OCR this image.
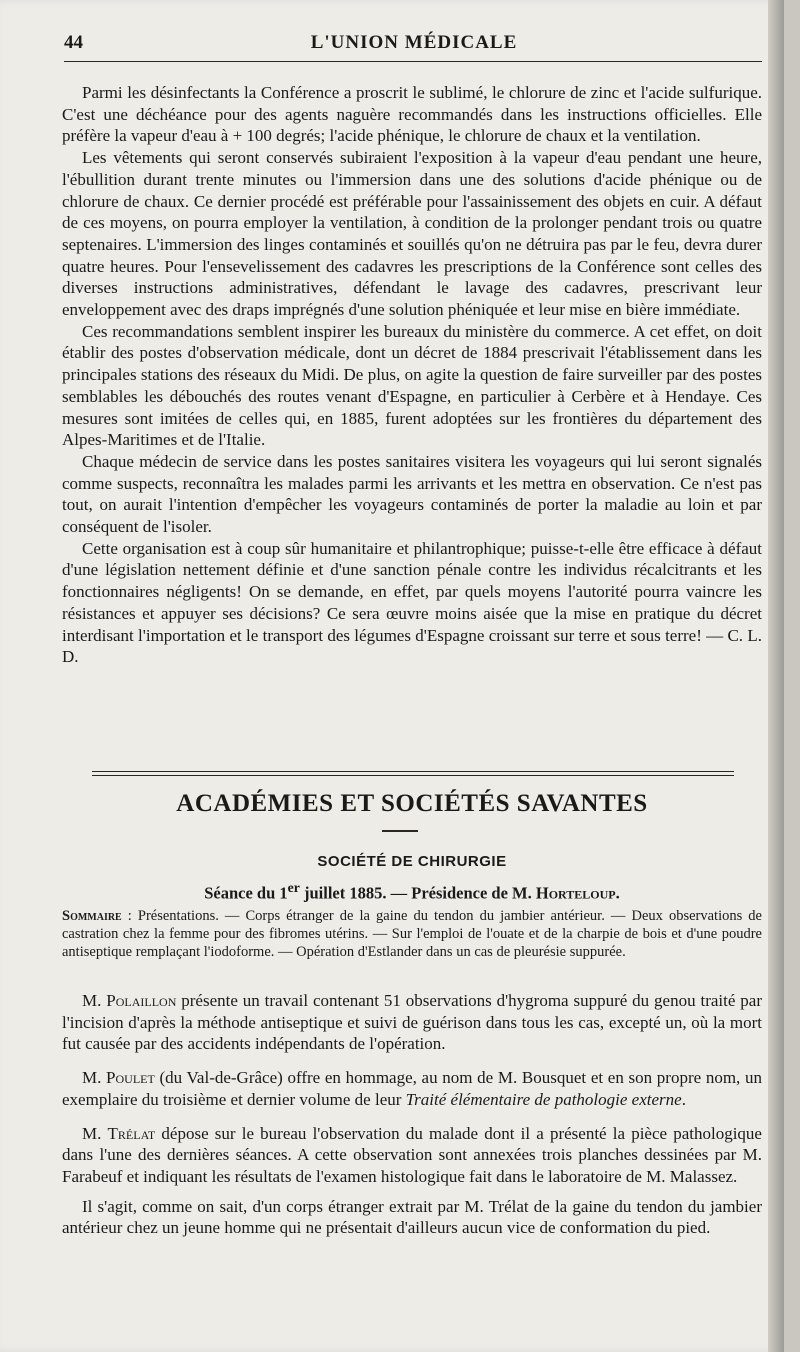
44	L'UNION MÉDICALE

Parmi les désinfectants la Conférence a proscrit le sublimé, le chlorure de zinc et l'acide sulfurique. C'est une déchéance pour des agents naguère recommandés dans les instructions officielles. Elle préfère la vapeur d'eau à + 100 degrés; l'acide phénique, le chlorure de chaux et la ventilation.

Les vêtements qui seront conservés subiraient l'exposition à la vapeur d'eau pendant une heure, l'ébullition durant trente minutes ou l'immersion dans une des solutions d'acide phénique ou de chlorure de chaux. Ce dernier procédé est préférable pour l'assainissement des objets en cuir. A défaut de ces moyens, on pourra employer la ventilation, à condition de la prolonger pendant trois ou quatre septenaires. L'immersion des linges contaminés et souillés qu'on ne détruira pas par le feu, devra durer quatre heures. Pour l'ensevelissement des cadavres les prescriptions de la Conférence sont celles des diverses instructions administratives, défendant le lavage des cadavres, prescrivant leur enveloppement avec des draps imprégnés d'une solution phéniquée et leur mise en bière immédiate.

Ces recommandations semblent inspirer les bureaux du ministère du commerce. A cet effet, on doit établir des postes d'observation médicale, dont un décret de 1884 prescrivait l'établissement dans les principales stations des réseaux du Midi. De plus, on agite la question de faire surveiller par des postes semblables les débouchés des routes venant d'Espagne, en particulier à Cerbère et à Hendaye. Ces mesures sont imitées de celles qui, en 1885, furent adoptées sur les frontières du département des Alpes-Maritimes et de l'Italie.

Chaque médecin de service dans les postes sanitaires visitera les voyageurs qui lui seront signalés comme suspects, reconnaîtra les malades parmi les arrivants et les mettra en observation. Ce n'est pas tout, on aurait l'intention d'empêcher les voyageurs contaminés de porter la maladie au loin et par conséquent de l'isoler.

Cette organisation est à coup sûr humanitaire et philantrophique; puisse-t-elle être efficace à défaut d'une législation nettement définie et d'une sanction pénale contre les individus récalcitrants et les fonctionnaires négligents! On se demande, en effet, par quels moyens l'autorité pourra vaincre les résistances et appuyer ses décisions? Ce sera œuvre moins aisée que la mise en pratique du décret interdisant l'importation et le transport des légumes d'Espagne croissant sur terre et sous terre! — C. L. D.

ACADÉMIES ET SOCIÉTÉS SAVANTES
SOCIÉTÉ DE CHIRURGIE
Séance du 1er juillet 1885. — Présidence de M. Horteloup.
Sommaire : Présentations. — Corps étranger de la gaine du tendon du jambier antérieur. — Deux observations de castration chez la femme pour des fibromes utérins. — Sur l'emploi de l'ouate et de la charpie de bois et d'une poudre antiseptique remplaçant l'iodoforme. — Opération d'Estlander dans un cas de pleurésie suppurée.

M. Polaillon présente un travail contenant 51 observations d'hygroma suppuré du genou traité par l'incision d'après la méthode antiseptique et suivi de guérison dans tous les cas, excepté un, où la mort fut causée par des accidents indépendants de l'opération.

M. Poulet (du Val-de-Grâce) offre en hommage, au nom de M. Bousquet et en son propre nom, un exemplaire du troisième et dernier volume de leur Traité élémentaire de pathologie externe.

M. Trélat dépose sur le bureau l'observation du malade dont il a présenté la pièce pathologique dans l'une des dernières séances. A cette observation sont annexées trois planches dessinées par M. Farabeuf et indiquant les résultats de l'examen histologique fait dans le laboratoire de M. Malassez.

Il s'agit, comme on sait, d'un corps étranger extrait par M. Trélat de la gaine du tendon du jambier antérieur chez un jeune homme qui ne présentait d'ailleurs aucun vice de conformation du pied.
